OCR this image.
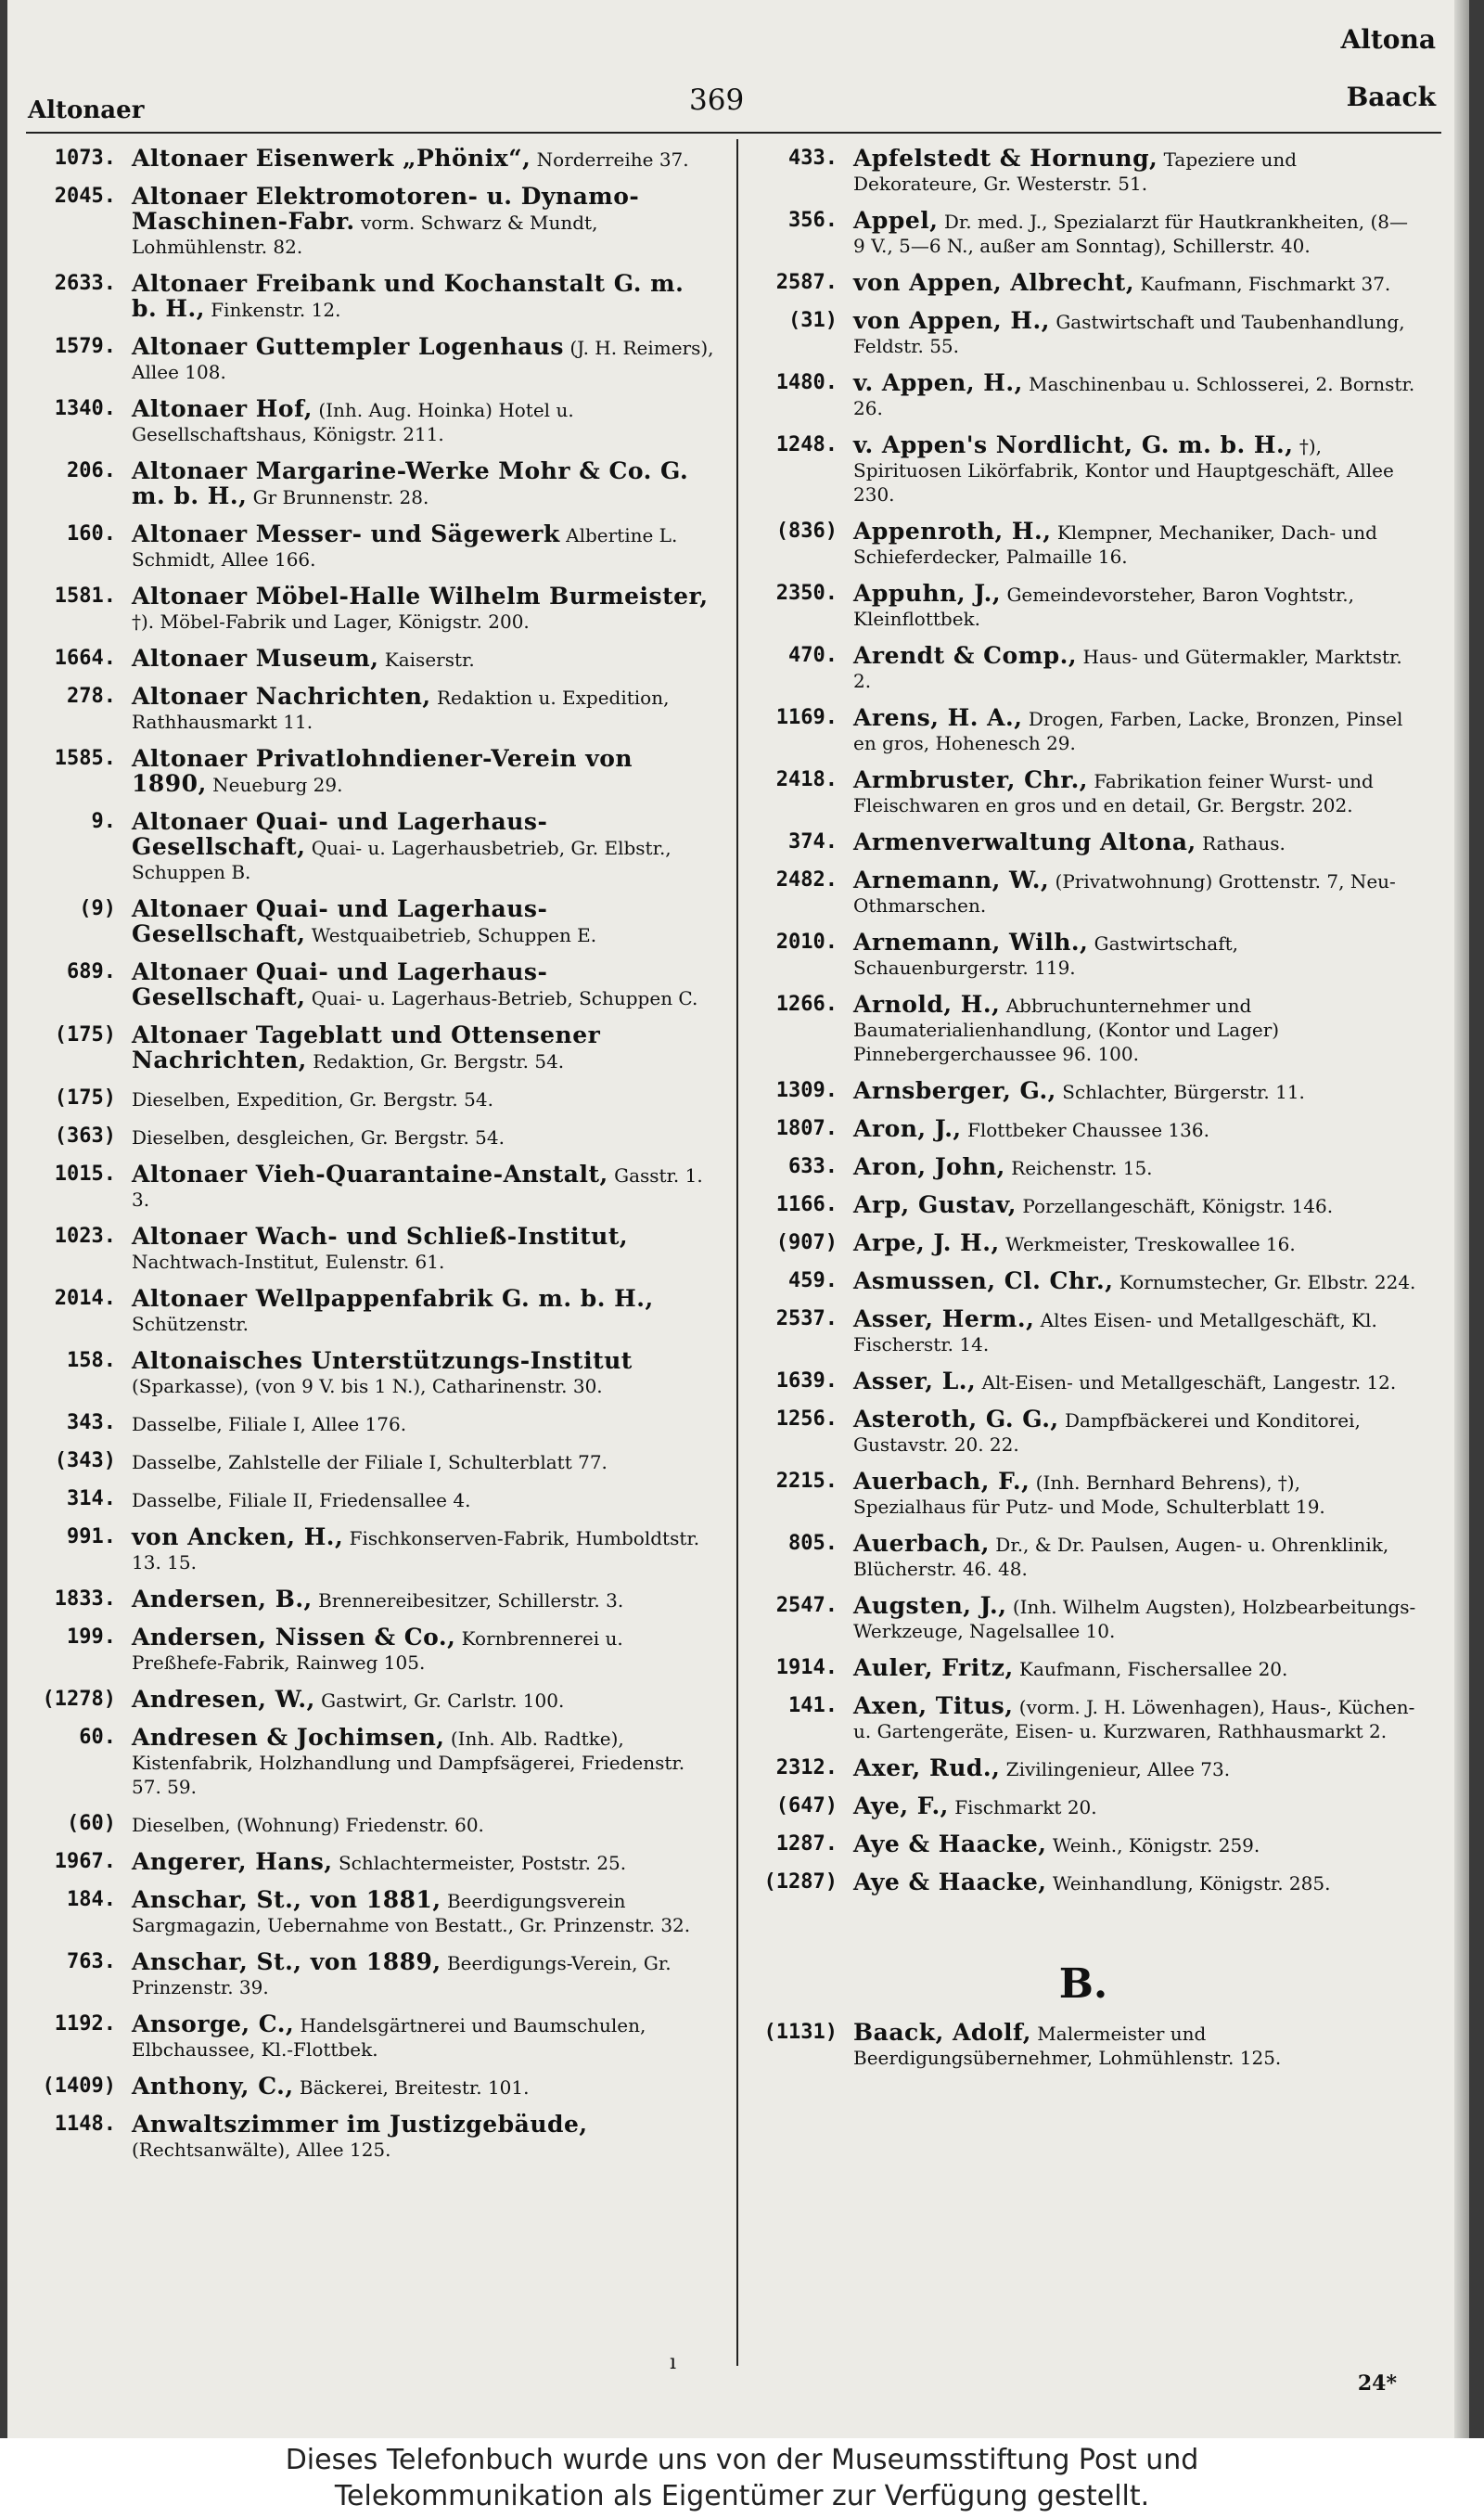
Altonaer	369
Altona
Baack
1073. Altonaer Eisenwerk „Phönix“, Norderreihe 37.
2045. Altonaer Elektromotoren- u. Dynamo-Maschinen-Fabr. vorm. Schwarz & Mundt, Lohmühlenstr. 82.
2633. Altonaer Freibank und Kochanstalt G. m. b. H., Finkenstr. 12.
1579. Altonaer Guttempler Logenhaus (J. H. Reimers), Allee 108.
1340. Altonaer Hof, (Inh. Aug. Hoinka) Hotel u. Gesellschaftshaus, Königstr. 211.
206. Altonaer Margarine-Werke Mohr & Co. G. m. b. H., Gr Brunnenstr. 28.
160. Altonaer Messer- und Sägewerk Albertine L. Schmidt, Allee 166.
1581. Altonaer Möbel-Halle Wilhelm Burmeister, †). Möbel-Fabrik und Lager, Königstr. 200.
1664. Altonaer Museum, Kaiserstr.
278. Altonaer Nachrichten, Redaktion u. Expedition, Rathhausmarkt 11.
1585. Altonaer Privatlohndiener-Verein von 1890, Neueburg 29.
9. Altonaer Quai- und Lagerhaus-Gesellschaft, Quai- u. Lagerhausbetrieb, Gr. Elbstr., Schuppen B.
(9) Altonaer Quai- und Lagerhaus-Gesellschaft, Westquaibetrieb, Schuppen E.
689. Altonaer Quai- und Lagerhaus-Gesellschaft, Quai- u. Lagerhaus-Betrieb, Schuppen C.
(175) Altonaer Tageblatt und Ottensener Nachrichten, Redaktion, Gr. Bergstr. 54.
(175) Dieselben, Expedition, Gr. Bergstr. 54.
(363) Dieselben, desgleichen, Gr. Bergstr. 54.
1015. Altonaer Vieh-Quarantaine-Anstalt, Gasstr. 1. 3.
1023. Altonaer Wach- und Schließ-Institut, Nachtwach-Institut, Eulenstr. 61.
2014. Altonaer Wellpappenfabrik G. m. b. H., Schützenstr.
158. Altonaisches Unterstützungs-Institut (Sparkasse), (von 9 V. bis 1 N.), Catharinenstr. 30.
343. Dasselbe, Filiale I, Allee 176.
(343) Dasselbe, Zahlstelle der Filiale I, Schulterblatt 77.
314. Dasselbe, Filiale II, Friedensallee 4.
991. von Ancken, H., Fischkonserven-Fabrik, Humboldtstr. 13. 15.
1833. Andersen, B., Brennereibesitzer, Schillerstr. 3.
199. Andersen, Nissen & Co., Kornbrennerei u. Preßhefe-Fabrik, Rainweg 105.
(1278) Andresen, W., Gastwirt, Gr. Carlstr. 100.
60. Andresen & Jochimsen, (Inh. Alb. Radtke), Kistenfabrik, Holzhandlung und Dampfsägerei, Friedenstr. 57. 59.
(60) Dieselben, (Wohnung) Friedenstr. 60.
1967. Angerer, Hans, Schlachtermeister, Poststr. 25.
184. Anschar, St., von 1881, Beerdigungsverein Sargmagazin, Uebernahme von Bestatt., Gr. Prinzenstr. 32.
763. Anschar, St., von 1889, Beerdigungs-Verein, Gr. Prinzenstr. 39.
1192. Ansorge, C., Handelsgärtnerei und Baumschulen, Elbchaussee, Kl.-Flottbek.
(1409) Anthony, C., Bäckerei, Breitestr. 101.
1148. Anwaltszimmer im Justizgebäude, (Rechtsanwälte), Allee 125.
433. Apfelstedt & Hornung, Tapeziere und Dekorateure, Gr. Westerstr. 51.
356. Appel, Dr. med. J., Spezialarzt für Hautkrankheiten, (8—9 V., 5—6 N., außer am Sonntag), Schillerstr. 40.
2587. von Appen, Albrecht, Kaufmann, Fischmarkt 37.
(31) von Appen, H., Gastwirtschaft und Taubenhandlung, Feldstr. 55.
1480. v. Appen, H., Maschinenbau u. Schlosserei, 2. Bornstr. 26.
1248. v. Appen's Nordlicht, G. m. b. H., †), Spirituosen Likörfabrik, Kontor und Hauptgeschäft, Allee 230.
(836) Appenroth, H., Klempner, Mechaniker, Dach- und Schieferdecker, Palmaille 16.
2350. Appuhn, J., Gemeindevorsteher, Baron Voghtstr., Kleinflottbek.
470. Arendt & Comp., Haus- und Gütermakler, Marktstr. 2.
1169. Arens, H. A., Drogen, Farben, Lacke, Bronzen, Pinsel en gros, Hohenesch 29.
2418. Armbruster, Chr., Fabrikation feiner Wurst- und Fleischwaren en gros und en detail, Gr. Bergstr. 202.
374. Armenverwaltung Altona, Rathaus.
2482. Arnemann, W., (Privatwohnung) Grottenstr. 7, Neu-Othmarschen.
2010. Arnemann, Wilh., Gastwirtschaft, Schauenburgerstr. 119.
1266. Arnold, H., Abbruchunternehmer und Baumaterialienhandlung, (Kontor und Lager) Pinnebergerchaussee 96. 100.
1309. Arnsberger, G., Schlachter, Bürgerstr. 11.
1807. Aron, J., Flottbeker Chaussee 136.
633. Aron, John, Reichenstr. 15.
1166. Arp, Gustav, Porzellangeschäft, Königstr. 146.
(907) Arpe, J. H., Werkmeister, Treskowallee 16.
459. Asmussen, Cl. Chr., Kornumstecher, Gr. Elbstr. 224.
2537. Asser, Herm., Altes Eisen- und Metallgeschäft, Kl. Fischerstr. 14.
1639. Asser, L., Alt-Eisen- und Metallgeschäft, Langestr. 12.
1256. Asteroth, G. G., Dampfbäckerei und Konditorei, Gustavstr. 20. 22.
2215. Auerbach, F., (Inh. Bernhard Behrens), †), Spezialhaus für Putz- und Mode, Schulterblatt 19.
805. Auerbach, Dr., & Dr. Paulsen, Augen- u. Ohrenklinik, Blücherstr. 46. 48.
2547. Augsten, J., (Inh. Wilhelm Augsten), Holzbearbeitungs-Werkzeuge, Nagelsallee 10.
1914. Auler, Fritz, Kaufmann, Fischersallee 20.
141. Axen, Titus, (vorm. J. H. Löwenhagen), Haus-, Küchen- u. Gartengeräte, Eisen- u. Kurzwaren, Rathhausmarkt 2.
2312. Axer, Rud., Zivilingenieur, Allee 73.
(647) Aye, F., Fischmarkt 20.
1287. Aye & Haacke, Weinh., Königstr. 259.
(1287) Aye & Haacke, Weinhandlung, Königstr. 285.
B.
(1131) Baack, Adolf, Malermeister und Beerdigungsübernehmer, Lohmühlenstr. 125.
ı
24*
Dieses Telefonbuch wurde uns von der Museumsstiftung Post und
Telekommunikation als Eigentümer zur Verfügung gestellt.
